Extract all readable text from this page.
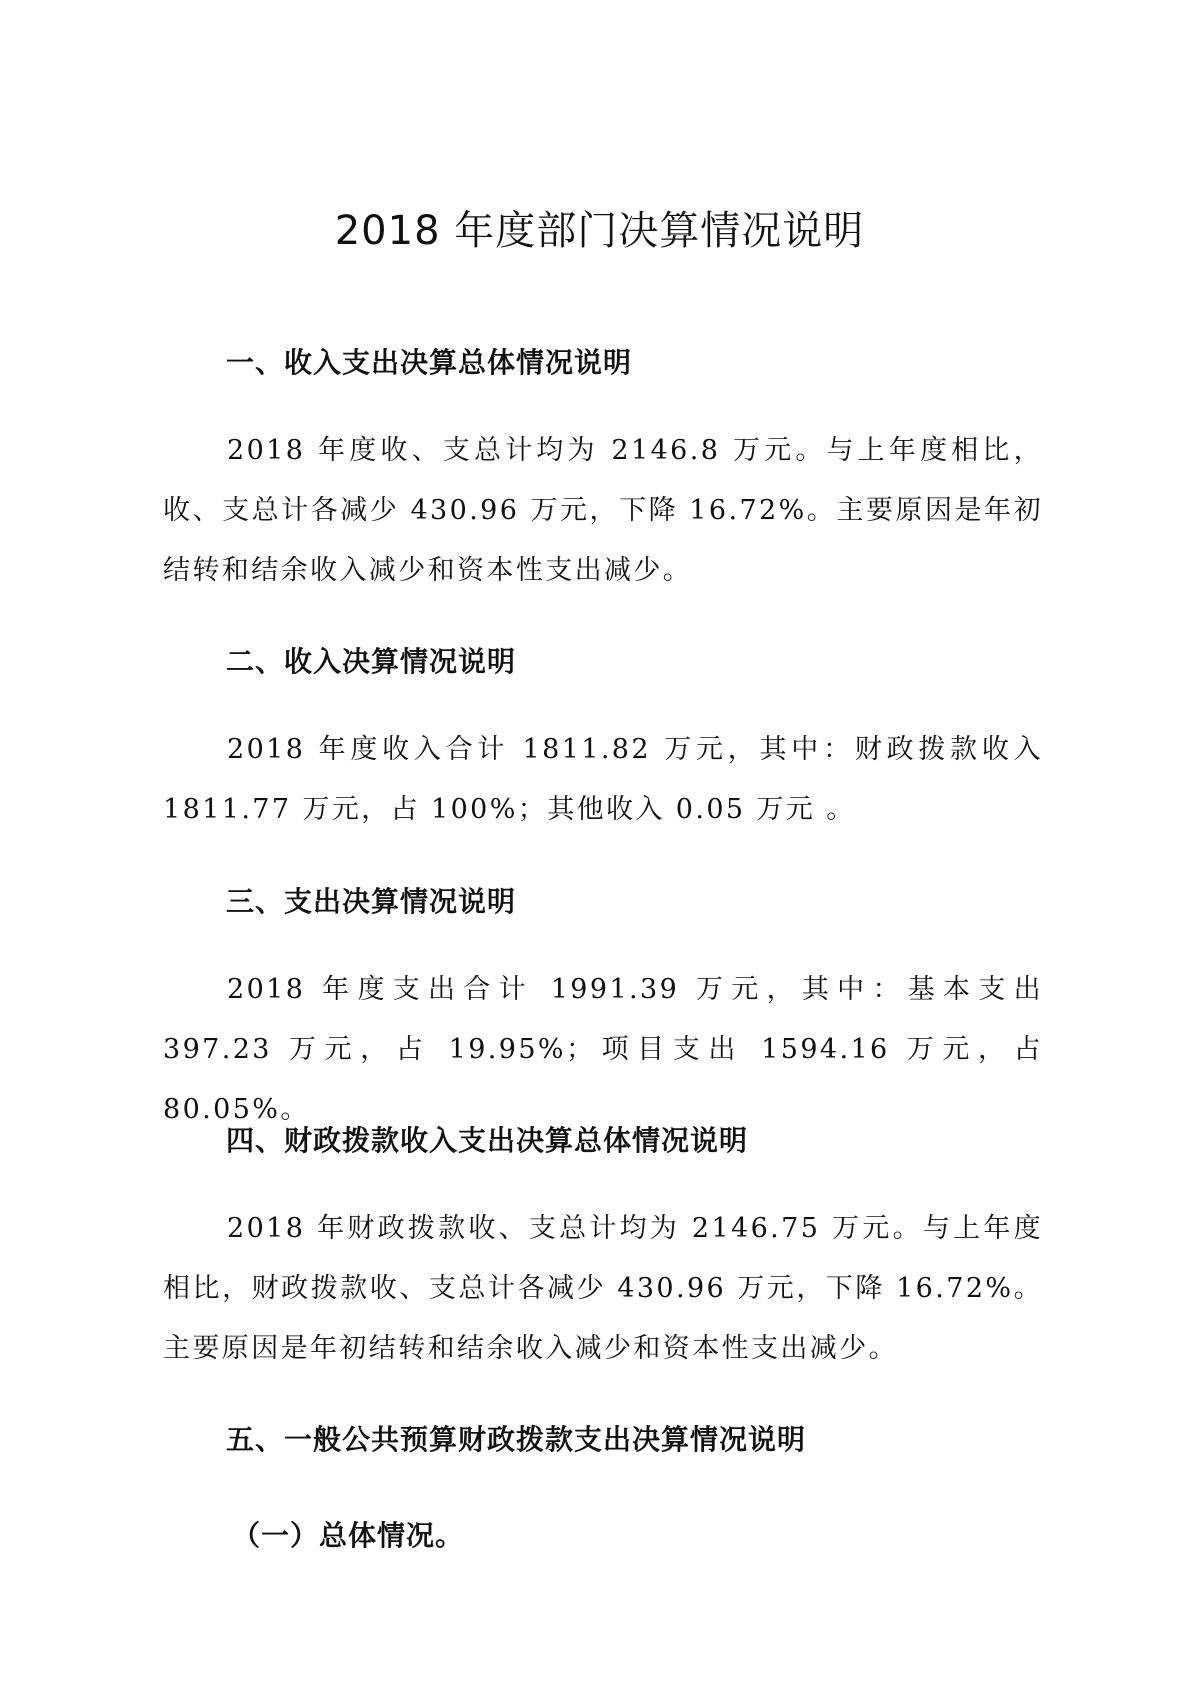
2018 年度部门决算情况说明
一、收入支出决算总体情况说明

2018 年度收、支总计均为 2146.8 万元。与上年度相比，收、支总计各减少 430.96 万元，下降 16.72%。主要原因是年初结转和结余收入减少和资本性支出减少。

二、收入决算情况说明

2018 年度收入合计 1811.82 万元，其中：财政拨款收入 1811.77 万元，占 100%；其他收入 0.05 万元 。

三、支出决算情况说明

2018 年度支出合计 1991.39 万元，其中：基本支出 397.23 万元，占 19.95%；项目支出 1594.16 万元，占 80.05%。

四、财政拨款收入支出决算总体情况说明

2018 年财政拨款收、支总计均为 2146.75 万元。与上年度相比，财政拨款收、支总计各减少 430.96 万元，下降 16.72%。主要原因是年初结转和结余收入减少和资本性支出减少。

五、一般公共预算财政拨款支出决算情况说明
（一）总体情况。
